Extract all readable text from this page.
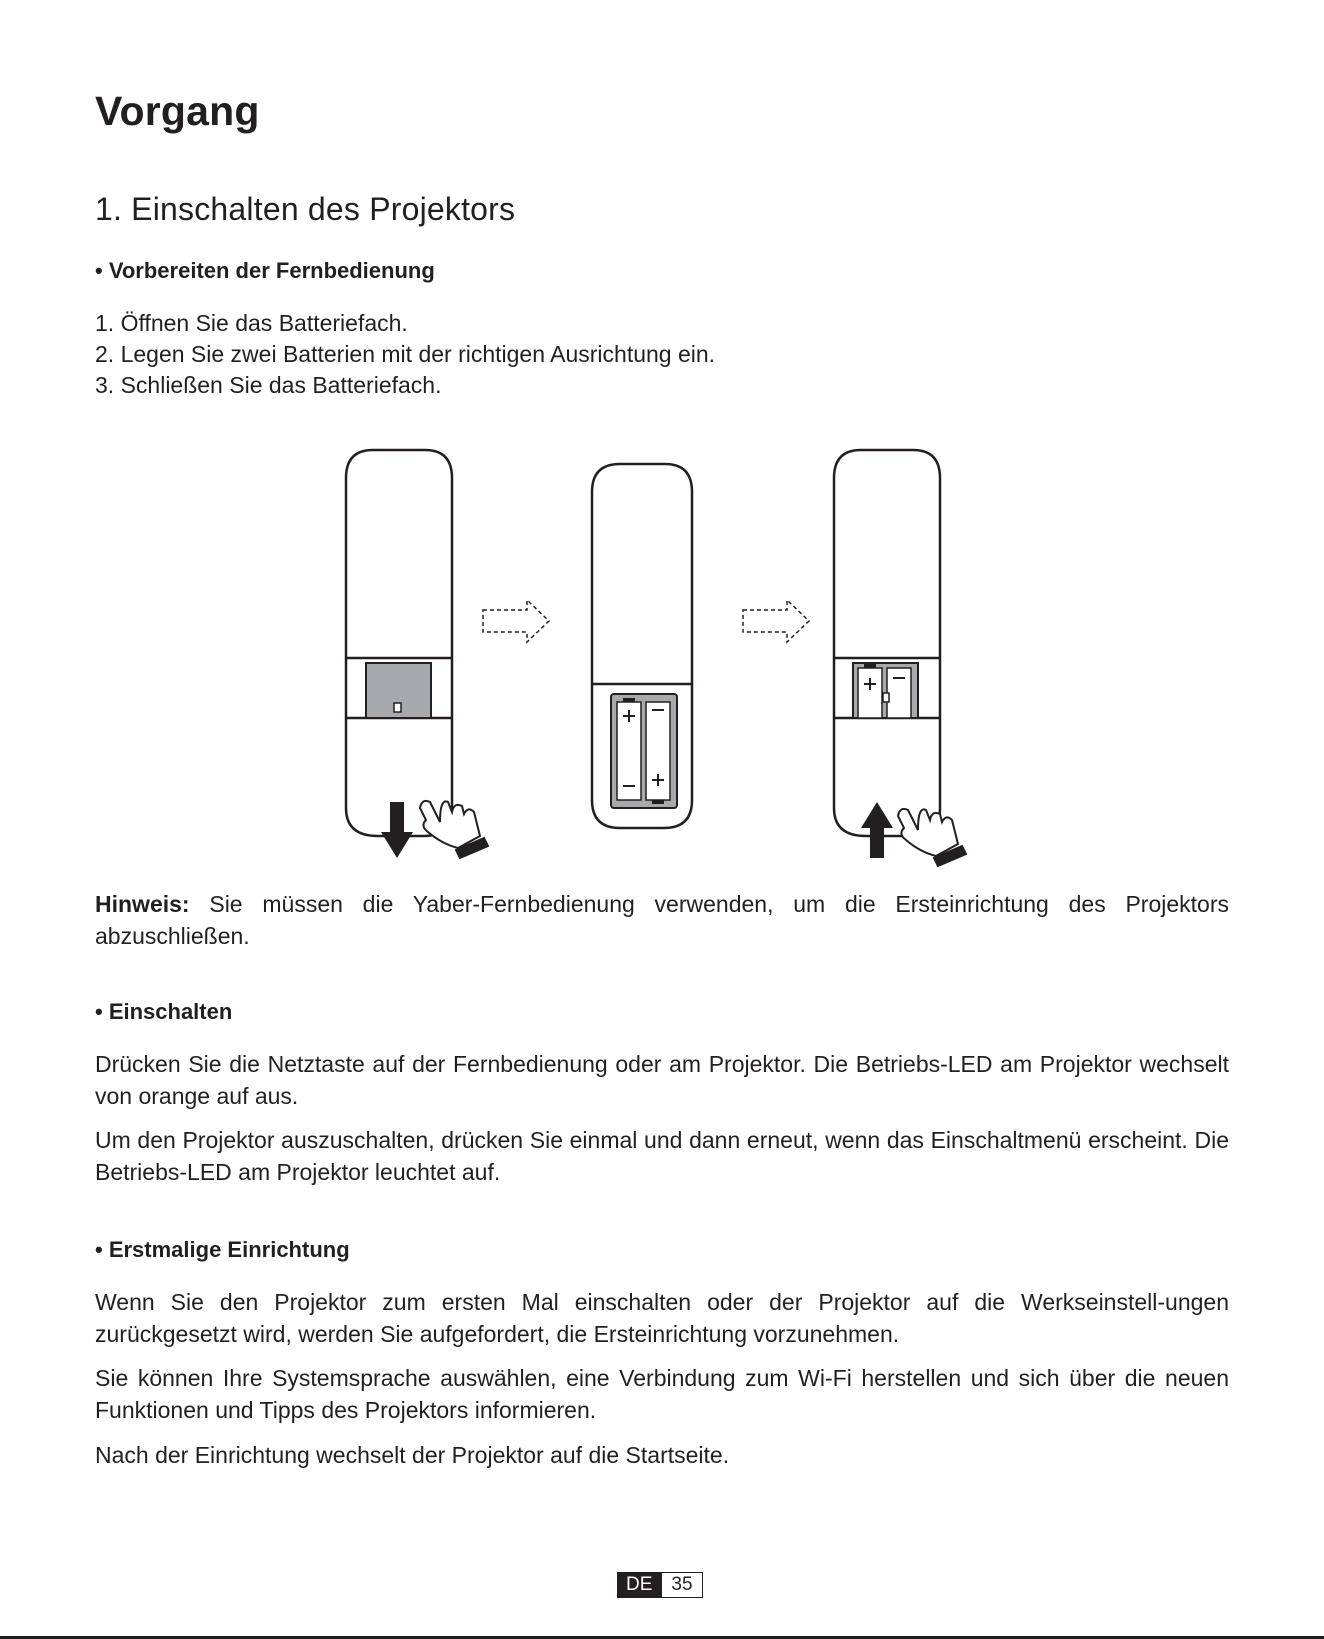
Vorgang
1. Einschalten des Projektors

• Vorbereiten der Fernbedienung

1. Öffnen Sie das Batteriefach.
2. Legen Sie zwei Batterien mit der richtigen Ausrichtung ein.
3. Schließen Sie das Batteriefach.

Hinweis: Sie müssen die Yaber-Fernbedienung verwenden, um die Ersteinrichtung des Projektors abzuschließen.

• Einschalten

Drücken Sie die Netztaste auf der Fernbedienung oder am Projektor. Die Betriebs-LED am Projektor wechselt von orange auf aus.

Um den Projektor auszuschalten, drücken Sie einmal und dann erneut, wenn das Einschaltmenü erscheint. Die Betriebs-LED am Projektor leuchtet auf.

• Erstmalige Einrichtung

Wenn Sie den Projektor zum ersten Mal einschalten oder der Projektor auf die Werkseinstell-ungen zurückgesetzt wird, werden Sie aufgefordert, die Ersteinrichtung vorzunehmen.

Sie können Ihre Systemsprache auswählen, eine Verbindung zum Wi-Fi herstellen und sich über die neuen Funktionen und Tipps des Projektors informieren.

Nach der Einrichtung wechselt der Projektor auf die Startseite.

DE	35
